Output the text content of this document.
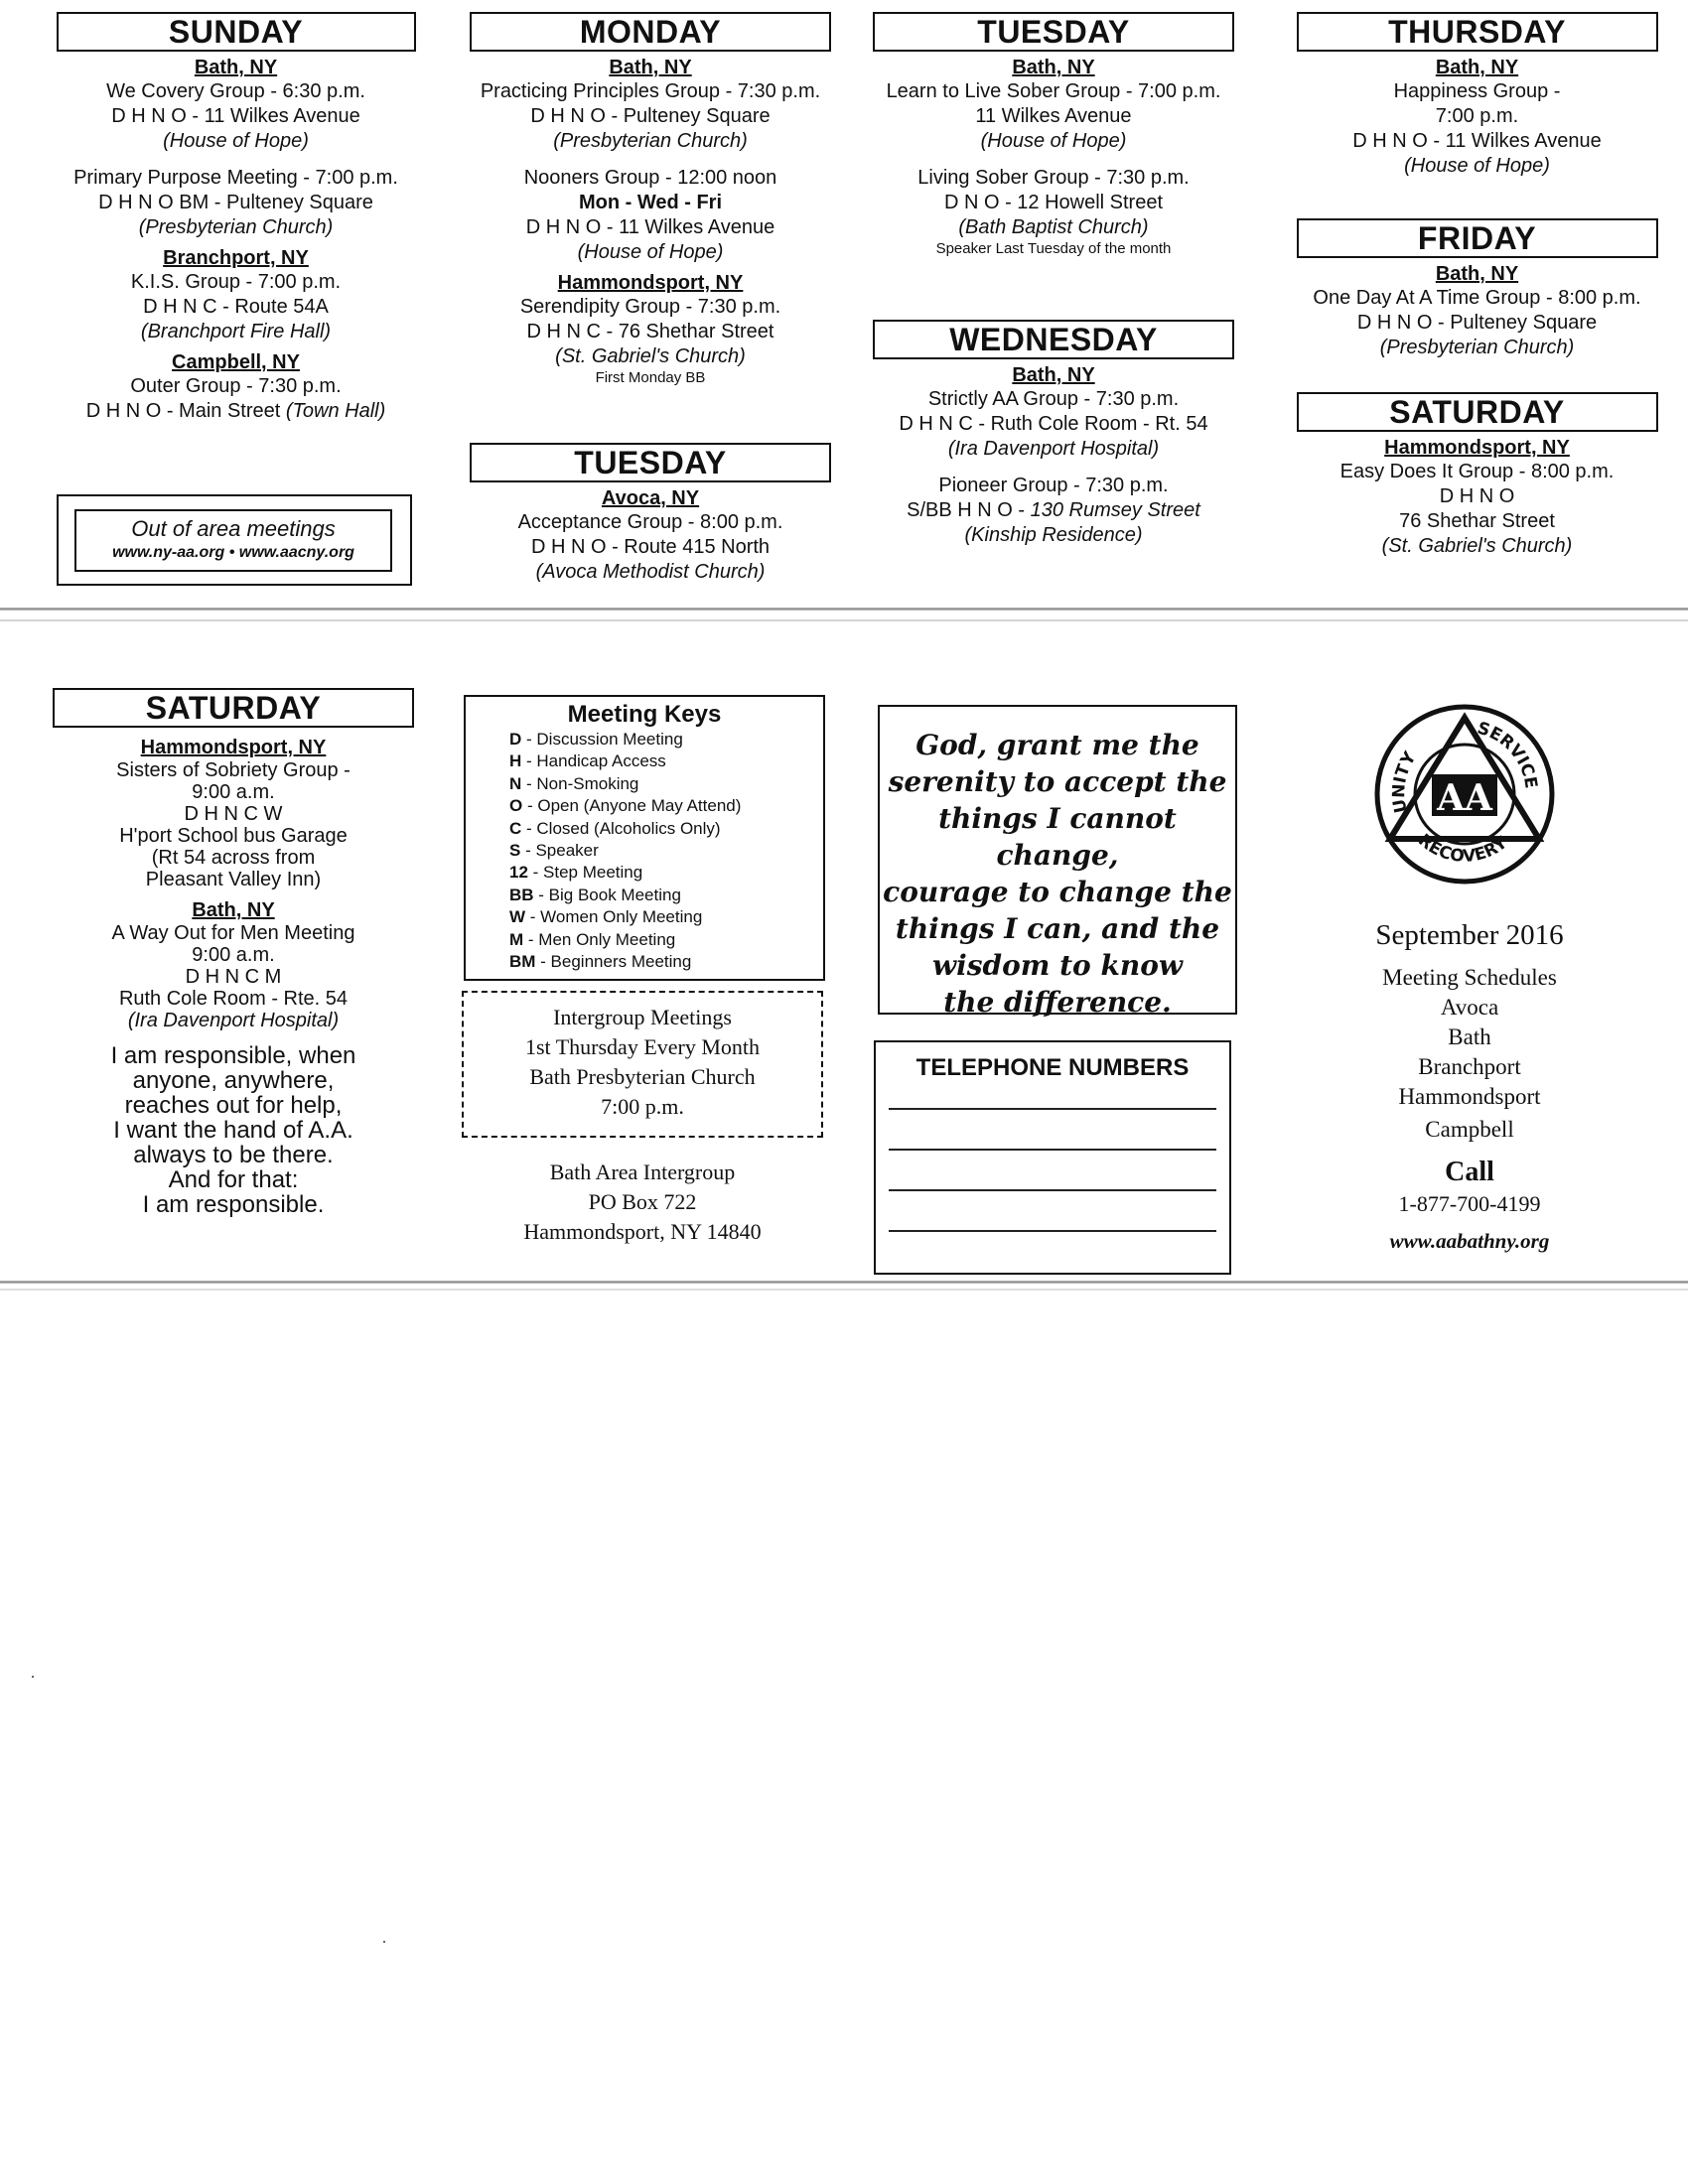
SUNDAY
Bath, NY
We Covery Group - 6:30 p.m.
D H N O - 11 Wilkes Avenue
(House of Hope)
Primary Purpose Meeting - 7:00 p.m.
D H N O BM - Pulteney Square
(Presbyterian Church)
Branchport, NY
K.I.S. Group - 7:00 p.m.
D H N C - Route 54A
(Branchport Fire Hall)
Campbell, NY
Outer Group - 7:30 p.m.
D H N O - Main Street (Town Hall)
Out of area meetings
www.ny-aa.org • www.aacny.org
MONDAY
Bath, NY
Practicing Principles Group - 7:30 p.m.
D H N O - Pulteney Square
(Presbyterian Church)
Nooners Group - 12:00 noon
Mon - Wed - Fri
D H N O - 11 Wilkes Avenue
(House of Hope)
Hammondsport, NY
Serendipity Group - 7:30 p.m.
D H N C - 76 Shethar Street
(St. Gabriel's Church)
First Monday BB
TUESDAY
Avoca, NY
Acceptance Group - 8:00 p.m.
D H N O - Route 415 North
(Avoca Methodist Church)
TUESDAY
Bath, NY
Learn to Live Sober Group - 7:00 p.m.
11 Wilkes Avenue
(House of Hope)
Living Sober Group - 7:30 p.m.
D N O - 12 Howell Street
(Bath Baptist Church)
Speaker Last Tuesday of the month
WEDNESDAY
Bath, NY
Strictly AA Group - 7:30 p.m.
D H N C - Ruth Cole Room - Rt. 54
(Ira Davenport Hospital)
Pioneer Group - 7:30 p.m.
S/BB H N O - 130 Rumsey Street
(Kinship Residence)
THURSDAY
Bath, NY
Happiness Group -
7:00 p.m.
D H N O - 11 Wilkes Avenue
(House of Hope)
FRIDAY
Bath, NY
One Day At A Time Group - 8:00 p.m.
D H N O - Pulteney Square
(Presbyterian Church)
SATURDAY
Hammondsport, NY
Easy Does It Group - 8:00 p.m.
D H N O
76 Shethar Street
(St. Gabriel's Church)
SATURDAY
Hammondsport, NY
Sisters of Sobriety Group -
9:00 a.m.
D H N C W
H'port School bus Garage
(Rt 54 across from
Pleasant Valley Inn)
Bath, NY
A Way Out for Men Meeting
9:00 a.m.
D H N C M
Ruth Cole Room - Rte. 54
(Ira Davenport Hospital)
I am responsible, when
anyone, anywhere,
reaches out for help,
I want the hand of A.A.
always to be there.
And for that:
I am responsible.
Meeting Keys
D - Discussion Meeting
H - Handicap Access
N - Non-Smoking
O - Open (Anyone May Attend)
C - Closed (Alcoholics Only)
S - Speaker
12 - Step Meeting
BB - Big Book Meeting
W - Women Only Meeting
M - Men Only Meeting
BM - Beginners Meeting
Intergroup Meetings
1st Thursday Every Month
Bath Presbyterian Church
7:00 p.m.
Bath Area Intergroup
PO Box 722
Hammondsport, NY 14840
God, grant me the
serenity to accept the
things I cannot change,
courage to change the
things I can, and the
wisdom to know
the difference.
TELEPHONE NUMBERS
UNITY
SERVICE
RECOVERY
AA
September 2016
Meeting Schedules
Avoca
Bath
Branchport
Hammondsport
Campbell
Call
1-877-700-4199
www.aabathny.org
